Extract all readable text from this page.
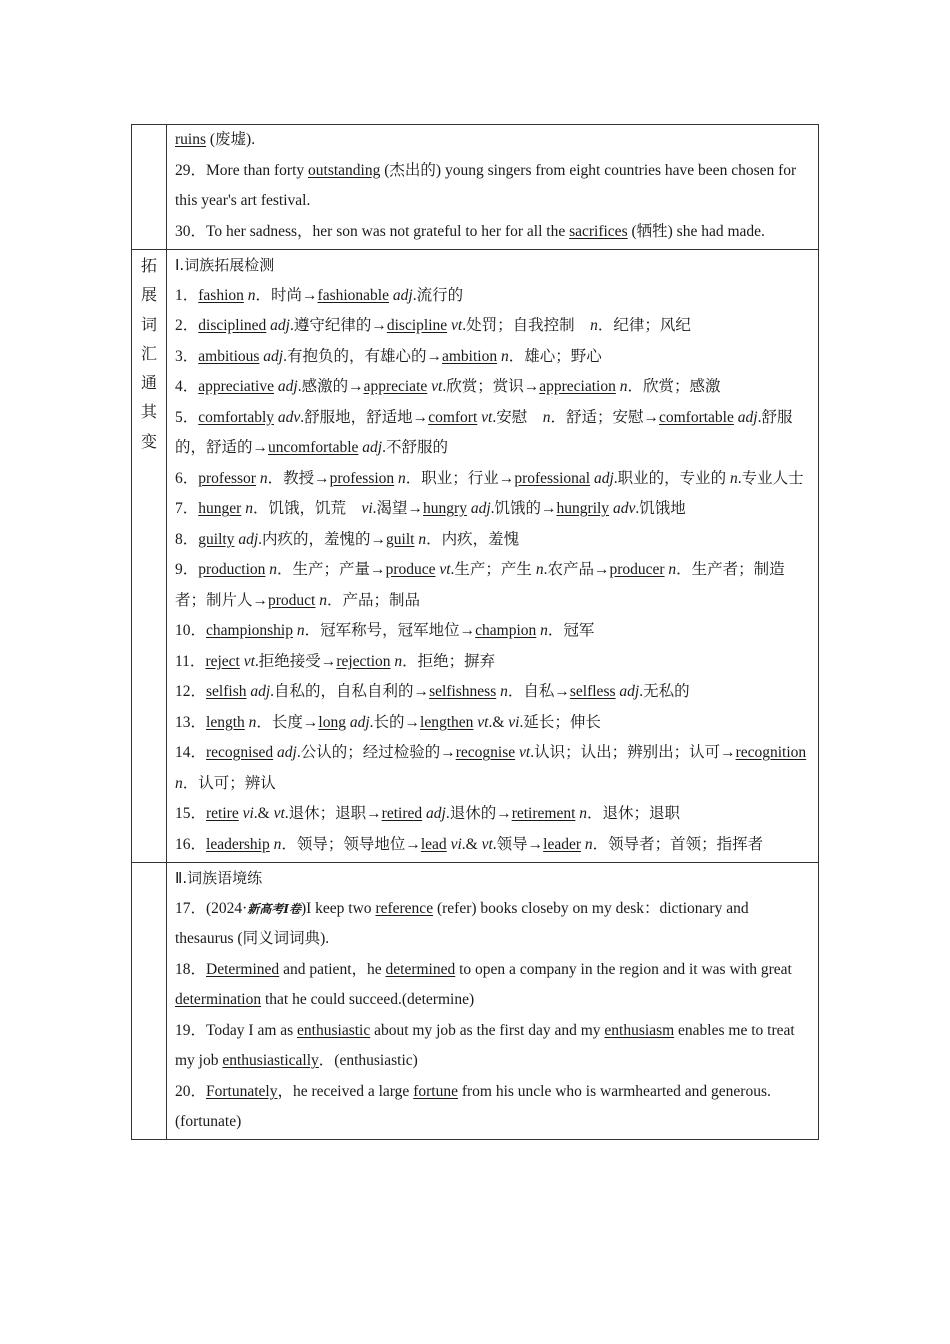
ruins (废墟).
29．More than forty outstanding (杰出的) young singers from eight countries have been chosen for this year's art festival.
30．To her sadness，her son was not grateful to her for all the sacrifices (牺牲) she had made.
拓
展
词
汇
通
其
变
Ⅰ.词族拓展检测
1．fashion n．时尚→fashionable adj.流行的
2．disciplined adj.遵守纪律的→discipline vt.处罚；自我控制　n．纪律；风纪
3．ambitious adj.有抱负的，有雄心的→ambition n．雄心；野心
4．appreciative adj.感激的→appreciate vt.欣赏；赏识→appreciation n．欣赏；感激
5．comfortably adv.舒服地，舒适地→comfort vt.安慰　n．舒适；安慰→comfortable adj.舒服的，舒适的→uncomfortable adj.不舒服的
6．professor n．教授→profession n．职业；行业→professional adj.职业的，专业的 n.专业人士
7．hunger n．饥饿，饥荒　vi.渴望→hungry adj.饥饿的→hungrily adv.饥饿地
8．guilty adj.内疚的，羞愧的→guilt n．内疚，羞愧
9．production n．生产；产量→produce vt.生产；产生 n.农产品→producer n．生产者；制造者；制片人→product n．产品；制品
10．championship n．冠军称号，冠军地位→champion n．冠军
11．reject vt.拒绝接受→rejection n．拒绝；摒弃
12．selfish adj.自私的，自私自利的→selfishness n．自私→selfless adj.无私的
13．length n．长度→long adj.长的→lengthen vt.& vi.延长；伸长
14．recognised adj.公认的；经过检验的→recognise vt.认识；认出；辨别出；认可→recognition n．认可；辨认
15．retire vi.& vt.退休；退职→retired adj.退休的→retirement n．退休；退职
16．leadership n．领导；领导地位→lead vi.& vt.领导→leader n．领导者；首领；指挥者
Ⅱ.词族语境练
17．(2024·新高考Ⅰ卷)I keep two reference (refer) books closeby on my desk：dictionary and thesaurus (同义词词典).
18．Determined and patient，he determined to open a company in the region and it was with great determination that he could succeed.(determine)
19．Today I am as enthusiastic about my job as the first day and my enthusiasm enables me to treat my job enthusiastically．(enthusiastic)
20．Fortunately，he received a large fortune from his uncle who is warmhearted and generous.(fortunate)
